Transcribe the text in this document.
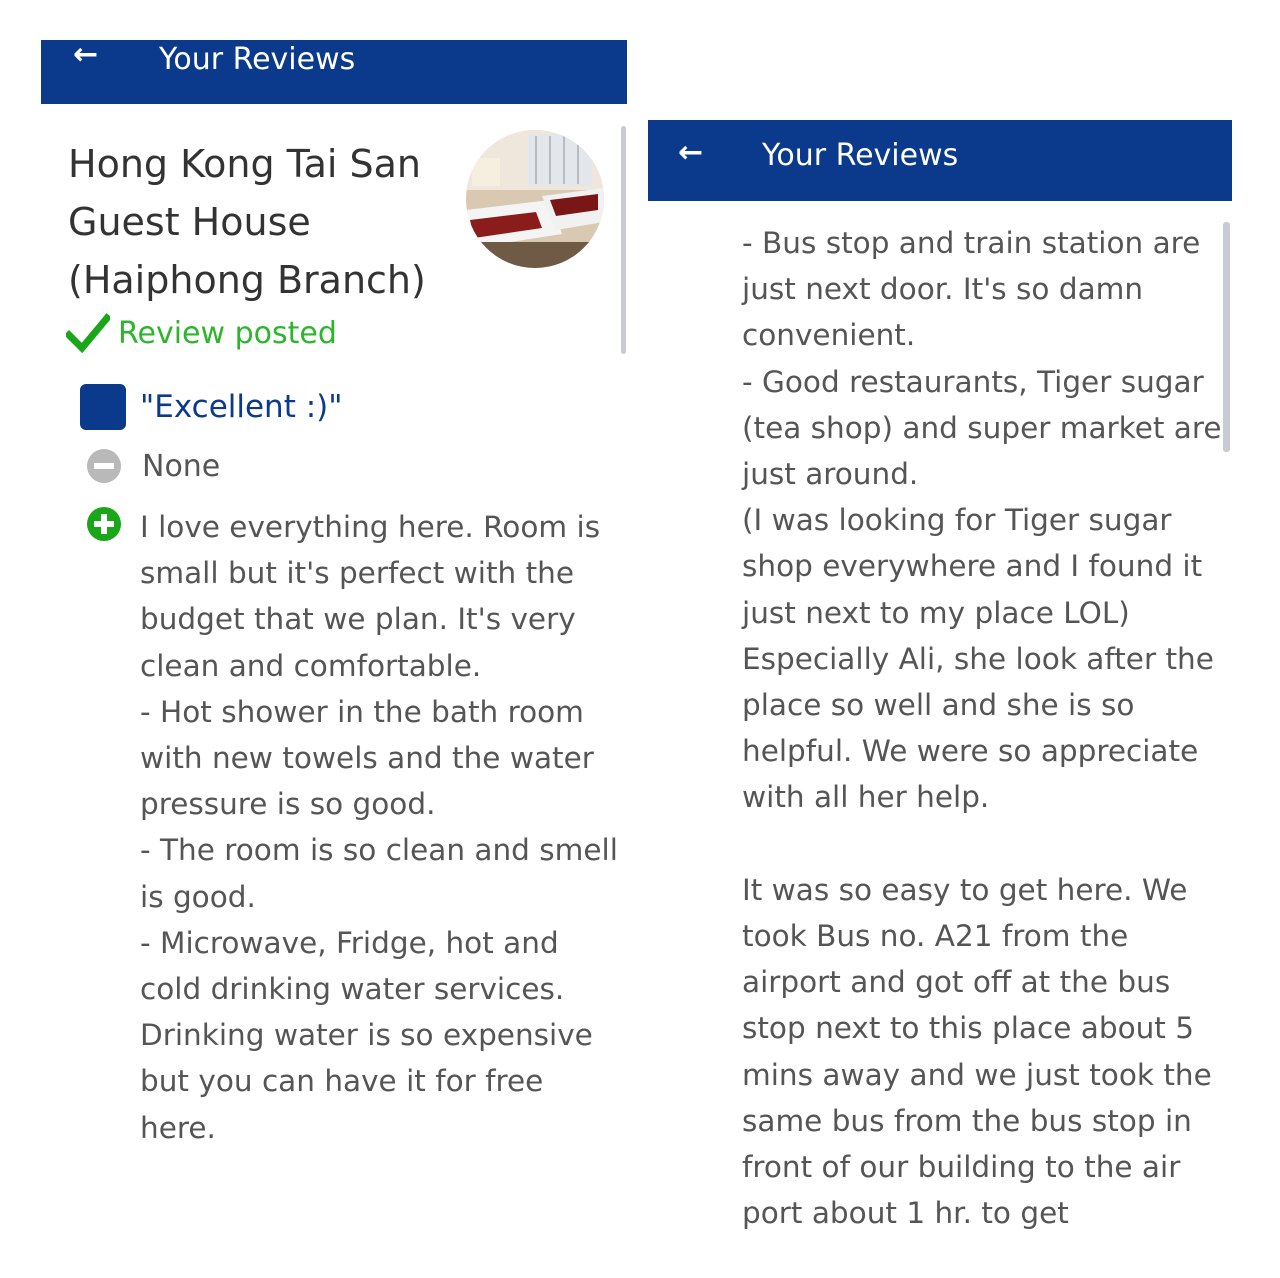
← Your Reviews
Hong Kong Tai San Guest House (Haiphong Branch)
Review posted
"Excellent :)"
None

I love everything here. Room is small but it's perfect with the budget that we plan. It's very clean and comfortable.
- Hot shower in the bath room with new towels and the water pressure is so good.
- The room is so clean and smell is good.
- Microwave, Fridge, hot and cold drinking water services. Drinking water is so expensive but you can have it for free here.

← Your Reviews

- Bus stop and train station are just next door. It's so damn convenient.
- Good restaurants, Tiger sugar (tea shop) and super market are just around.
(I was looking for Tiger sugar shop everywhere and I found it just next to my place LOL)
Especially Ali, she look after the place so well and she is so helpful. We were so appreciate with all her help.

It was so easy to get here. We took Bus no. A21 from the airport and got off at the bus stop next to this place about 5 mins away and we just took the same bus from the bus stop in front of our building to the air port about 1 hr. to get
